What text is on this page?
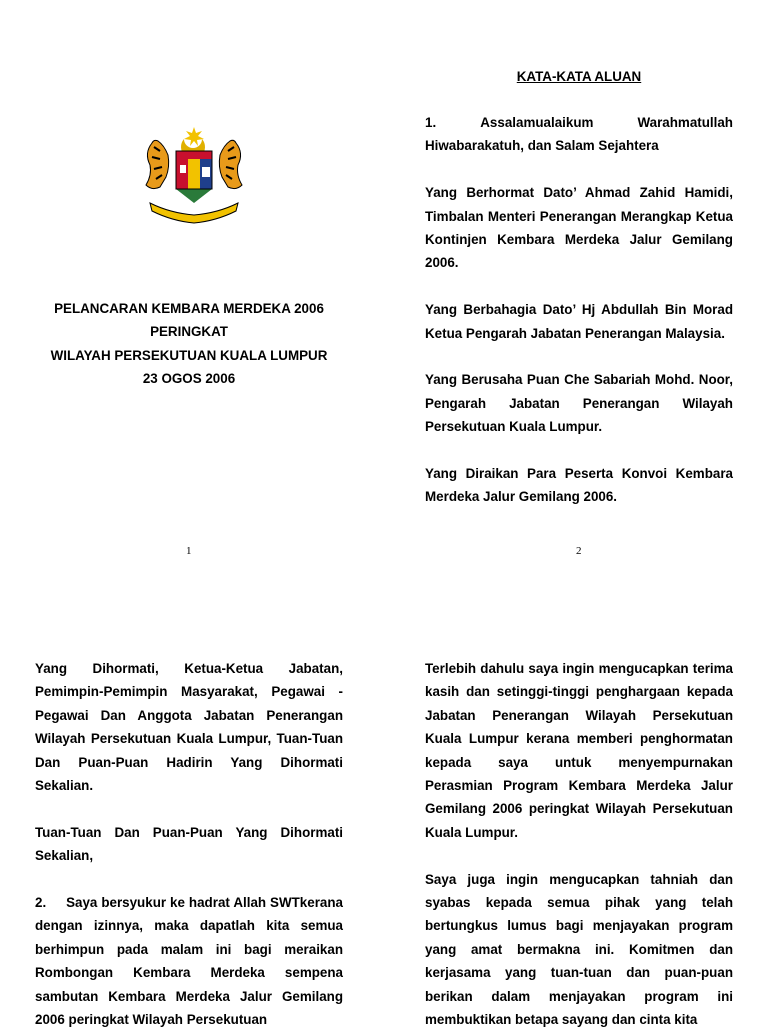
PELANCARAN KEMBARA MERDEKA 2006
PERINGKAT
WILAYAH PERSEKUTUAN KUALA LUMPUR
23 OGOS 2006
1
KATA-KATA ALUAN

1.	Assalamualaikum	Warahmatullah
Hiwabarakatuh, dan Salam Sejahtera

Yang Berhormat Dato’ Ahmad Zahid Hamidi, Timbalan Menteri Penerangan Merangkap Ketua Kontinjen Kembara Merdeka Jalur Gemilang 2006.

Yang Berbahagia Dato’ Hj Abdullah Bin Morad Ketua Pengarah Jabatan Penerangan Malaysia.

Yang Berusaha Puan Che Sabariah Mohd. Noor, Pengarah Jabatan Penerangan Wilayah Persekutuan Kuala Lumpur.

Yang Diraikan Para Peserta Konvoi Kembara Merdeka Jalur Gemilang 2006.

2

Yang Dihormati, Ketua-Ketua Jabatan, Pemimpin-Pemimpin Masyarakat, Pegawai - Pegawai Dan Anggota Jabatan Penerangan Wilayah Persekutuan Kuala Lumpur, Tuan-Tuan Dan Puan-Puan Hadirin Yang Dihormati Sekalian.

Tuan-Tuan Dan Puan-Puan Yang Dihormati Sekalian,

2.     Saya bersyukur ke hadrat Allah SWTkerana dengan izinnya, maka dapatlah kita semua berhimpun pada malam ini bagi meraikan Rombongan Kembara Merdeka sempena sambutan Kembara Merdeka Jalur Gemilang 2006 peringkat Wilayah Persekutuan

Terlebih dahulu saya ingin mengucapkan terima kasih dan setinggi-tinggi penghargaan kepada Jabatan Penerangan Wilayah Persekutuan Kuala Lumpur kerana memberi penghormatan kepada saya untuk menyempurnakan Perasmian Program Kembara Merdeka Jalur Gemilang 2006 peringkat Wilayah Persekutuan Kuala Lumpur.

Saya juga ingin mengucapkan tahniah dan syabas kepada semua pihak yang telah bertungkus lumus bagi menjayakan program yang amat bermakna ini. Komitmen dan kerjasama yang tuan-tuan dan puan-puan berikan dalam menjayakan program ini membuktikan betapa sayang dan cinta kita
